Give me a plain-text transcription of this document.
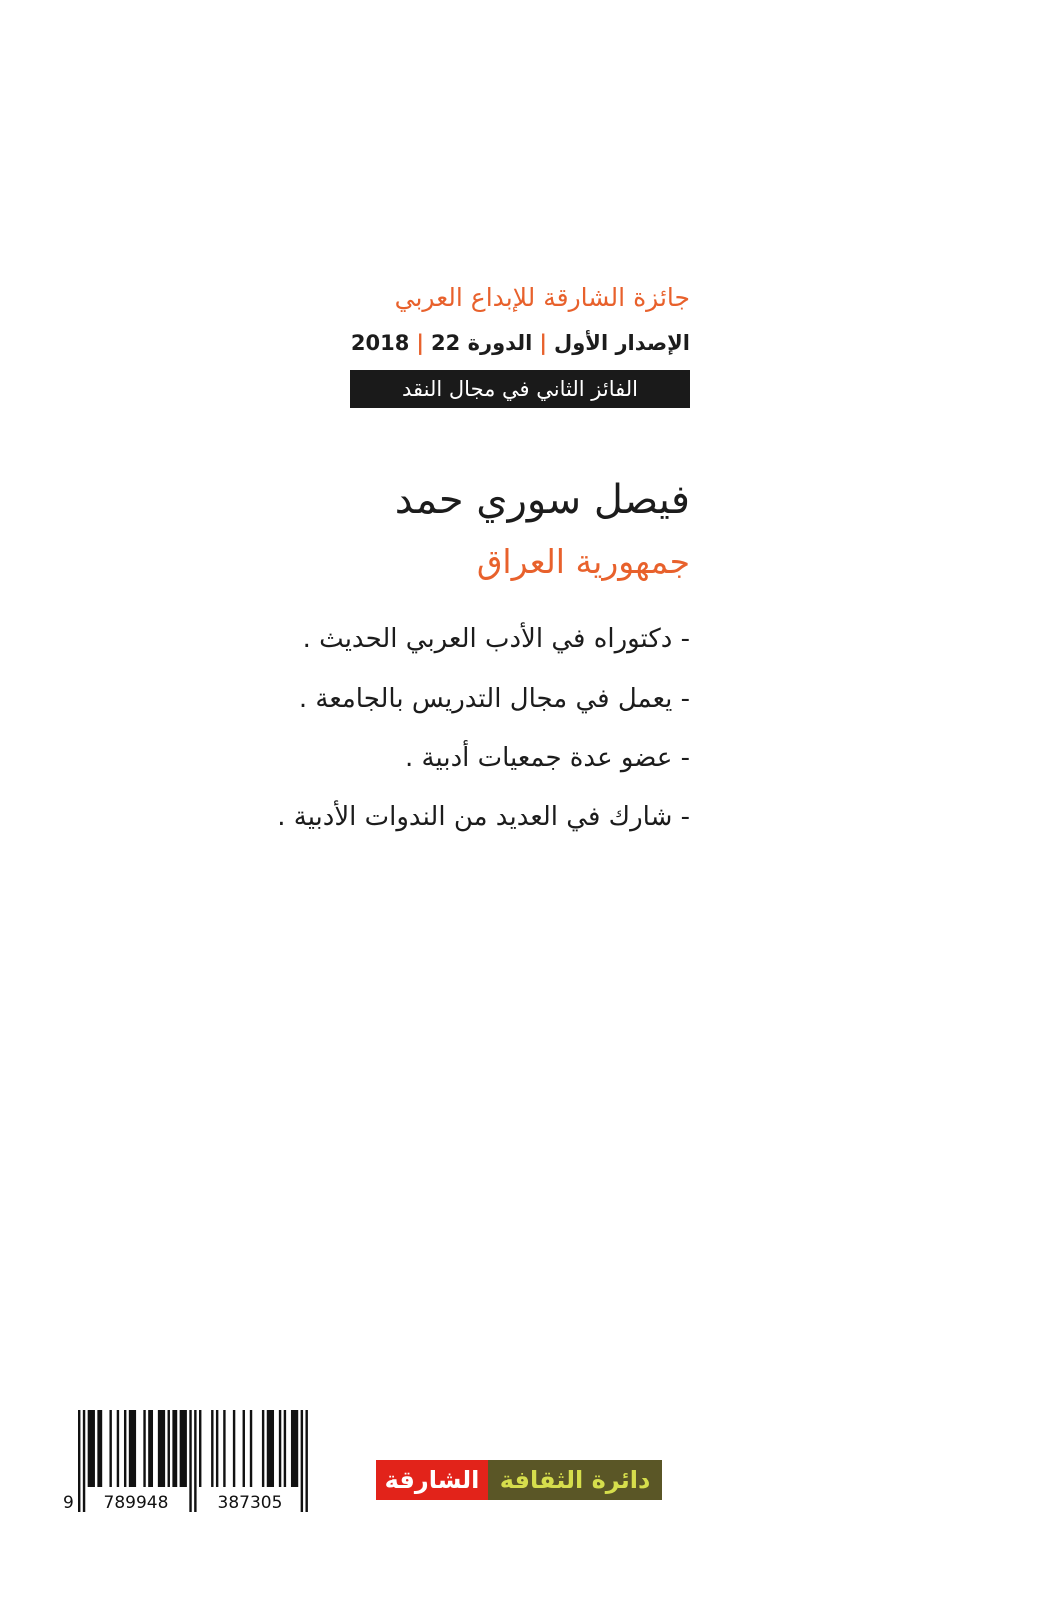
جائزة الشارقة للإبداع العربي
الإصدار الأول|الدورة 22|2018
الفائز الثاني في مجال النقد
فيصل سوري حمد
جمهورية العراق
- دكتوراه في الأدب العربي الحديث .
- يعمل في مجال التدريس بالجامعة .
- عضو عدة جمعيات أدبية .
- شارك في العديد من الندوات الأدبية .
9 789948	387305
دائرة الثقافة
الشارقة
